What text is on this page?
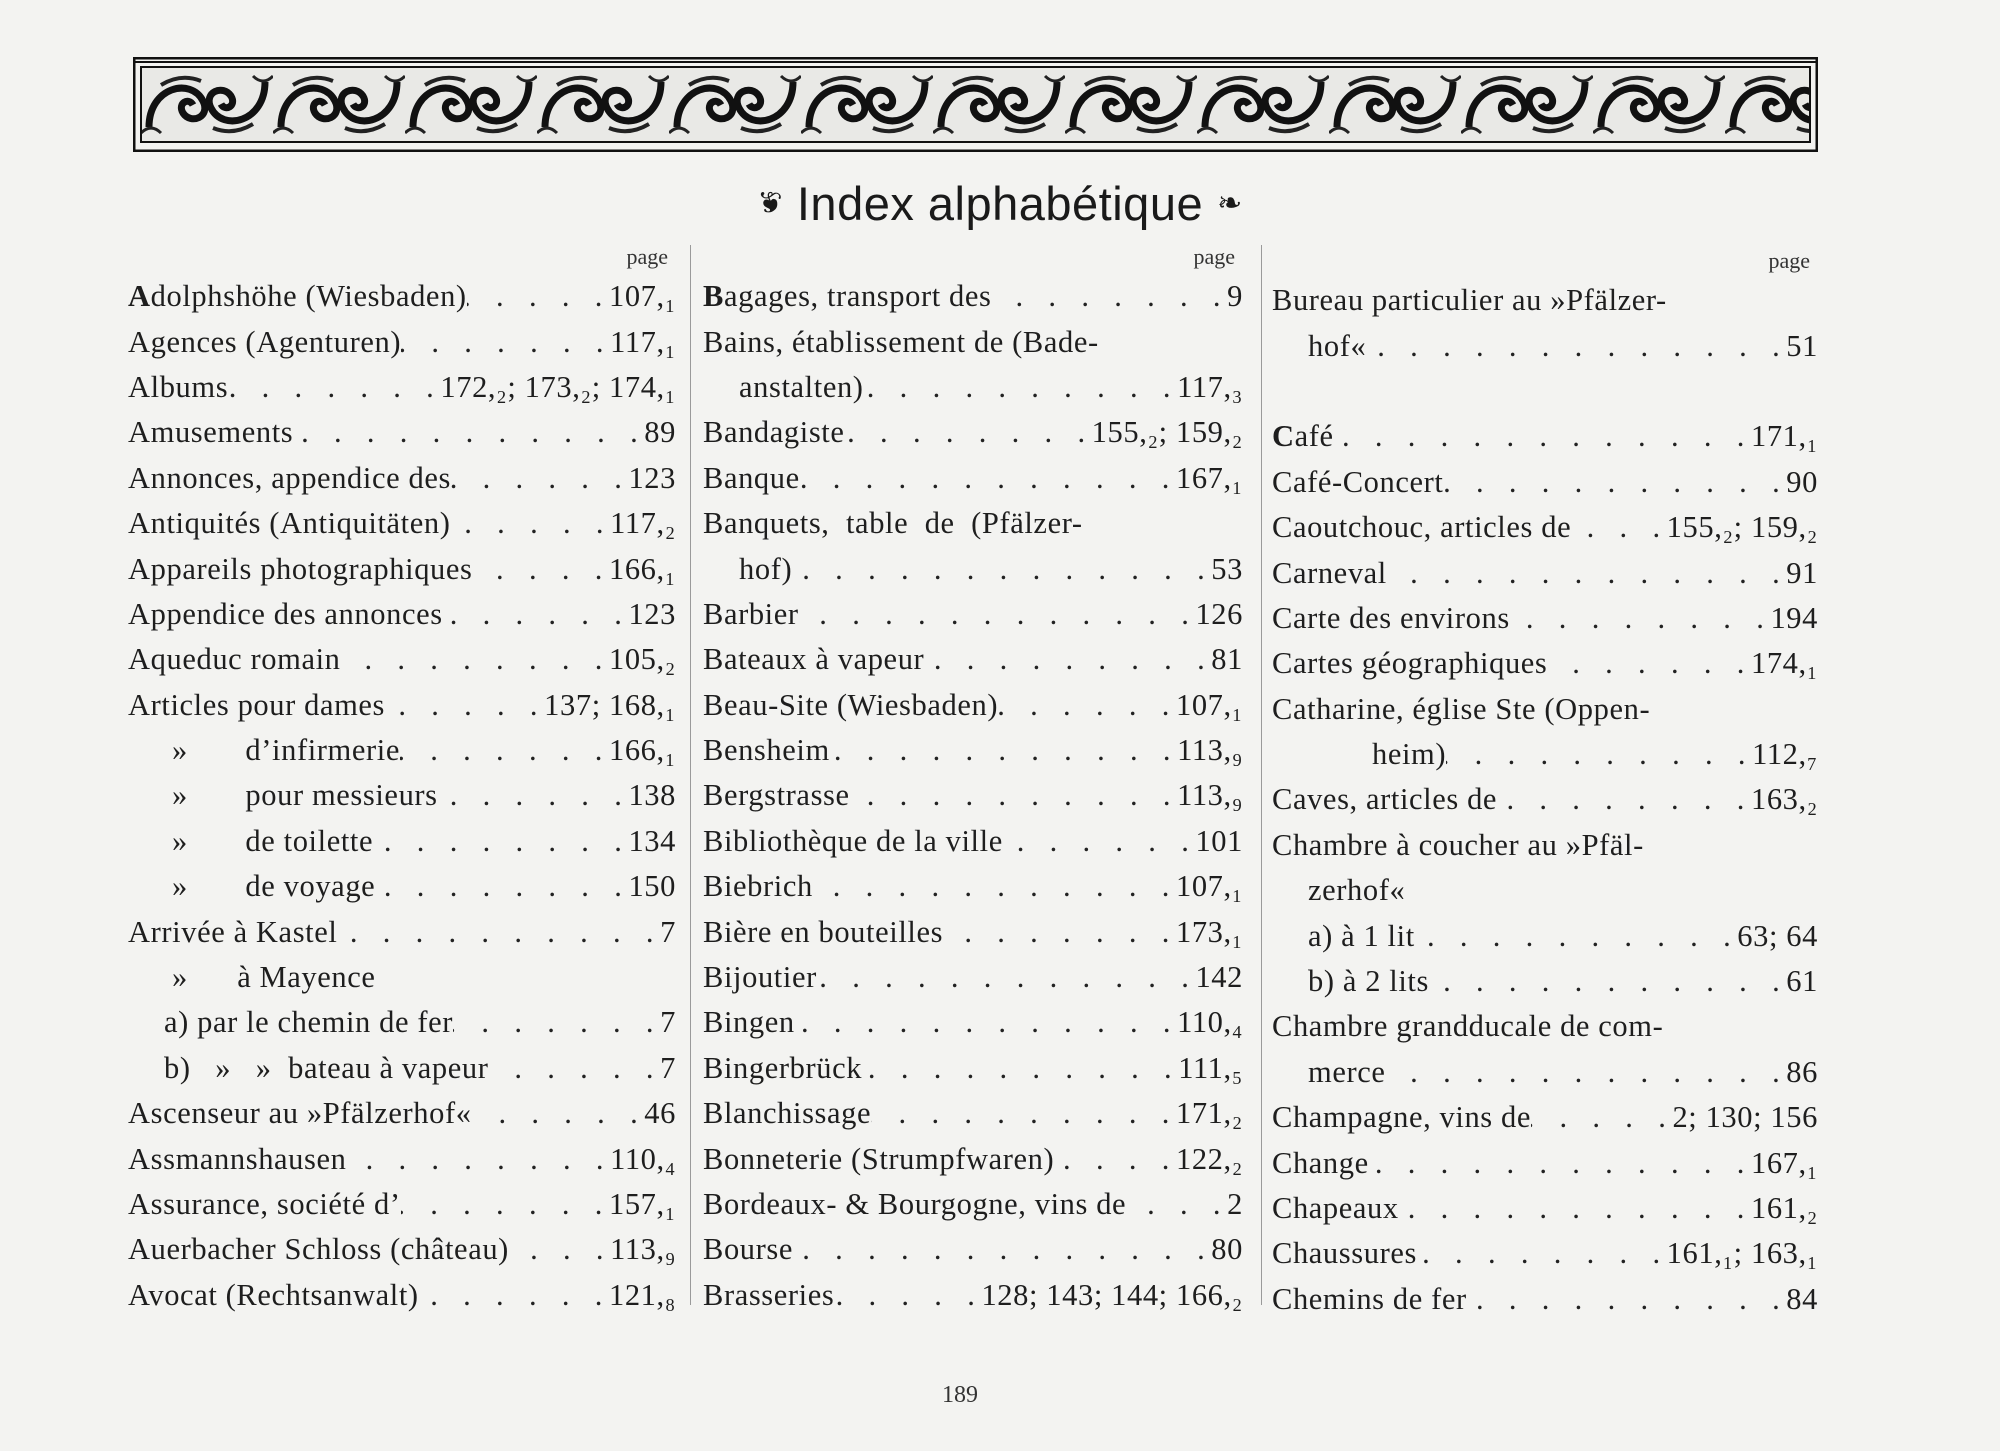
❦Index alphabétique❧
page
Adolphshöhe (Wiesbaden) .   .	107,₁
Agences (Agenturen) .   .	117,₁
Albums .   .	172,₂; 173,₂; 174,₁
Amusements .   .	89
Annonces, appendice des .   .	123
Antiquités (Antiquitäten) .   .	117,₂
Appareils photographiques .   .	166,₁
Appendice des annonces .   .	123
Aqueduc romain .   .	105,₂
Articles pour dames .   .	137; 168,₁
»       d’infirmerie .   .	166,₁
»       pour messieurs .   .	138
»       de toilette .   .	134
»       de voyage .   .	150
Arrivée à Kastel .   .	7
»      à Mayence
a) par le chemin de fer .   .	7
b)   »   »  bateau à vapeur .   .	7
Ascenseur au »Pfälzerhof« .   .	46
Assmannshausen .   .	110,₄
Assurance, société d’ .   .	157,₁
Auerbacher Schloss (château) .   .	113,₉
Avocat (Rechtsanwalt) .   .	121,₈
page
Bagages, transport des .   .	9
Bains, établissement de (Bade-
anstalten) .   .	117,₃
Bandagiste .   .	155,₂; 159,₂
Banque .   .	167,₁
Banquets,  table  de  (Pfälzer-
hof) .   .	53
Barbier .   .	126
Bateaux à vapeur .   .	81
Beau-Site (Wiesbaden) .   .	107,₁
Bensheim .   .	113,₉
Bergstrasse .   .	113,₉
Bibliothèque de la ville .   .	101
Biebrich .   .	107,₁
Bière en bouteilles .   .	173,₁
Bijoutier .   .	142
Bingen .   .	110,₄
Bingerbrück .   .	111,₅
Blanchissage .   .	171,₂
Bonneterie (Strumpfwaren) .   .	122,₂
Bordeaux- & Bourgogne, vins de .   .	2
Bourse .   .	80
Brasseries .   .	128; 143; 144; 166,₂
page
Bureau particulier au »Pfälzer-
hof« .   .	51
Café .   .	171,₁
Café-Concert .   .	90
Caoutchouc, articles de .   .	155,₂; 159,₂
Carneval .   .	91
Carte des environs .   .	194
Cartes géographiques .   .	174,₁
Catharine, église Ste (Oppen-
heim) .   .	112,₇
Caves, articles de .   .	163,₂
Chambre à coucher au »Pfäl-
zerhof«
a) à 1 lit .   .	63; 64
b) à 2 lits .   .	61
Chambre grandducale de com-
merce .   .	86
Champagne, vins de .   .	2; 130; 156
Change .   .	167,₁
Chapeaux .   .	161,₂
Chaussures .   .	161,₁; 163,₁
Chemins de fer .   .	84
189
